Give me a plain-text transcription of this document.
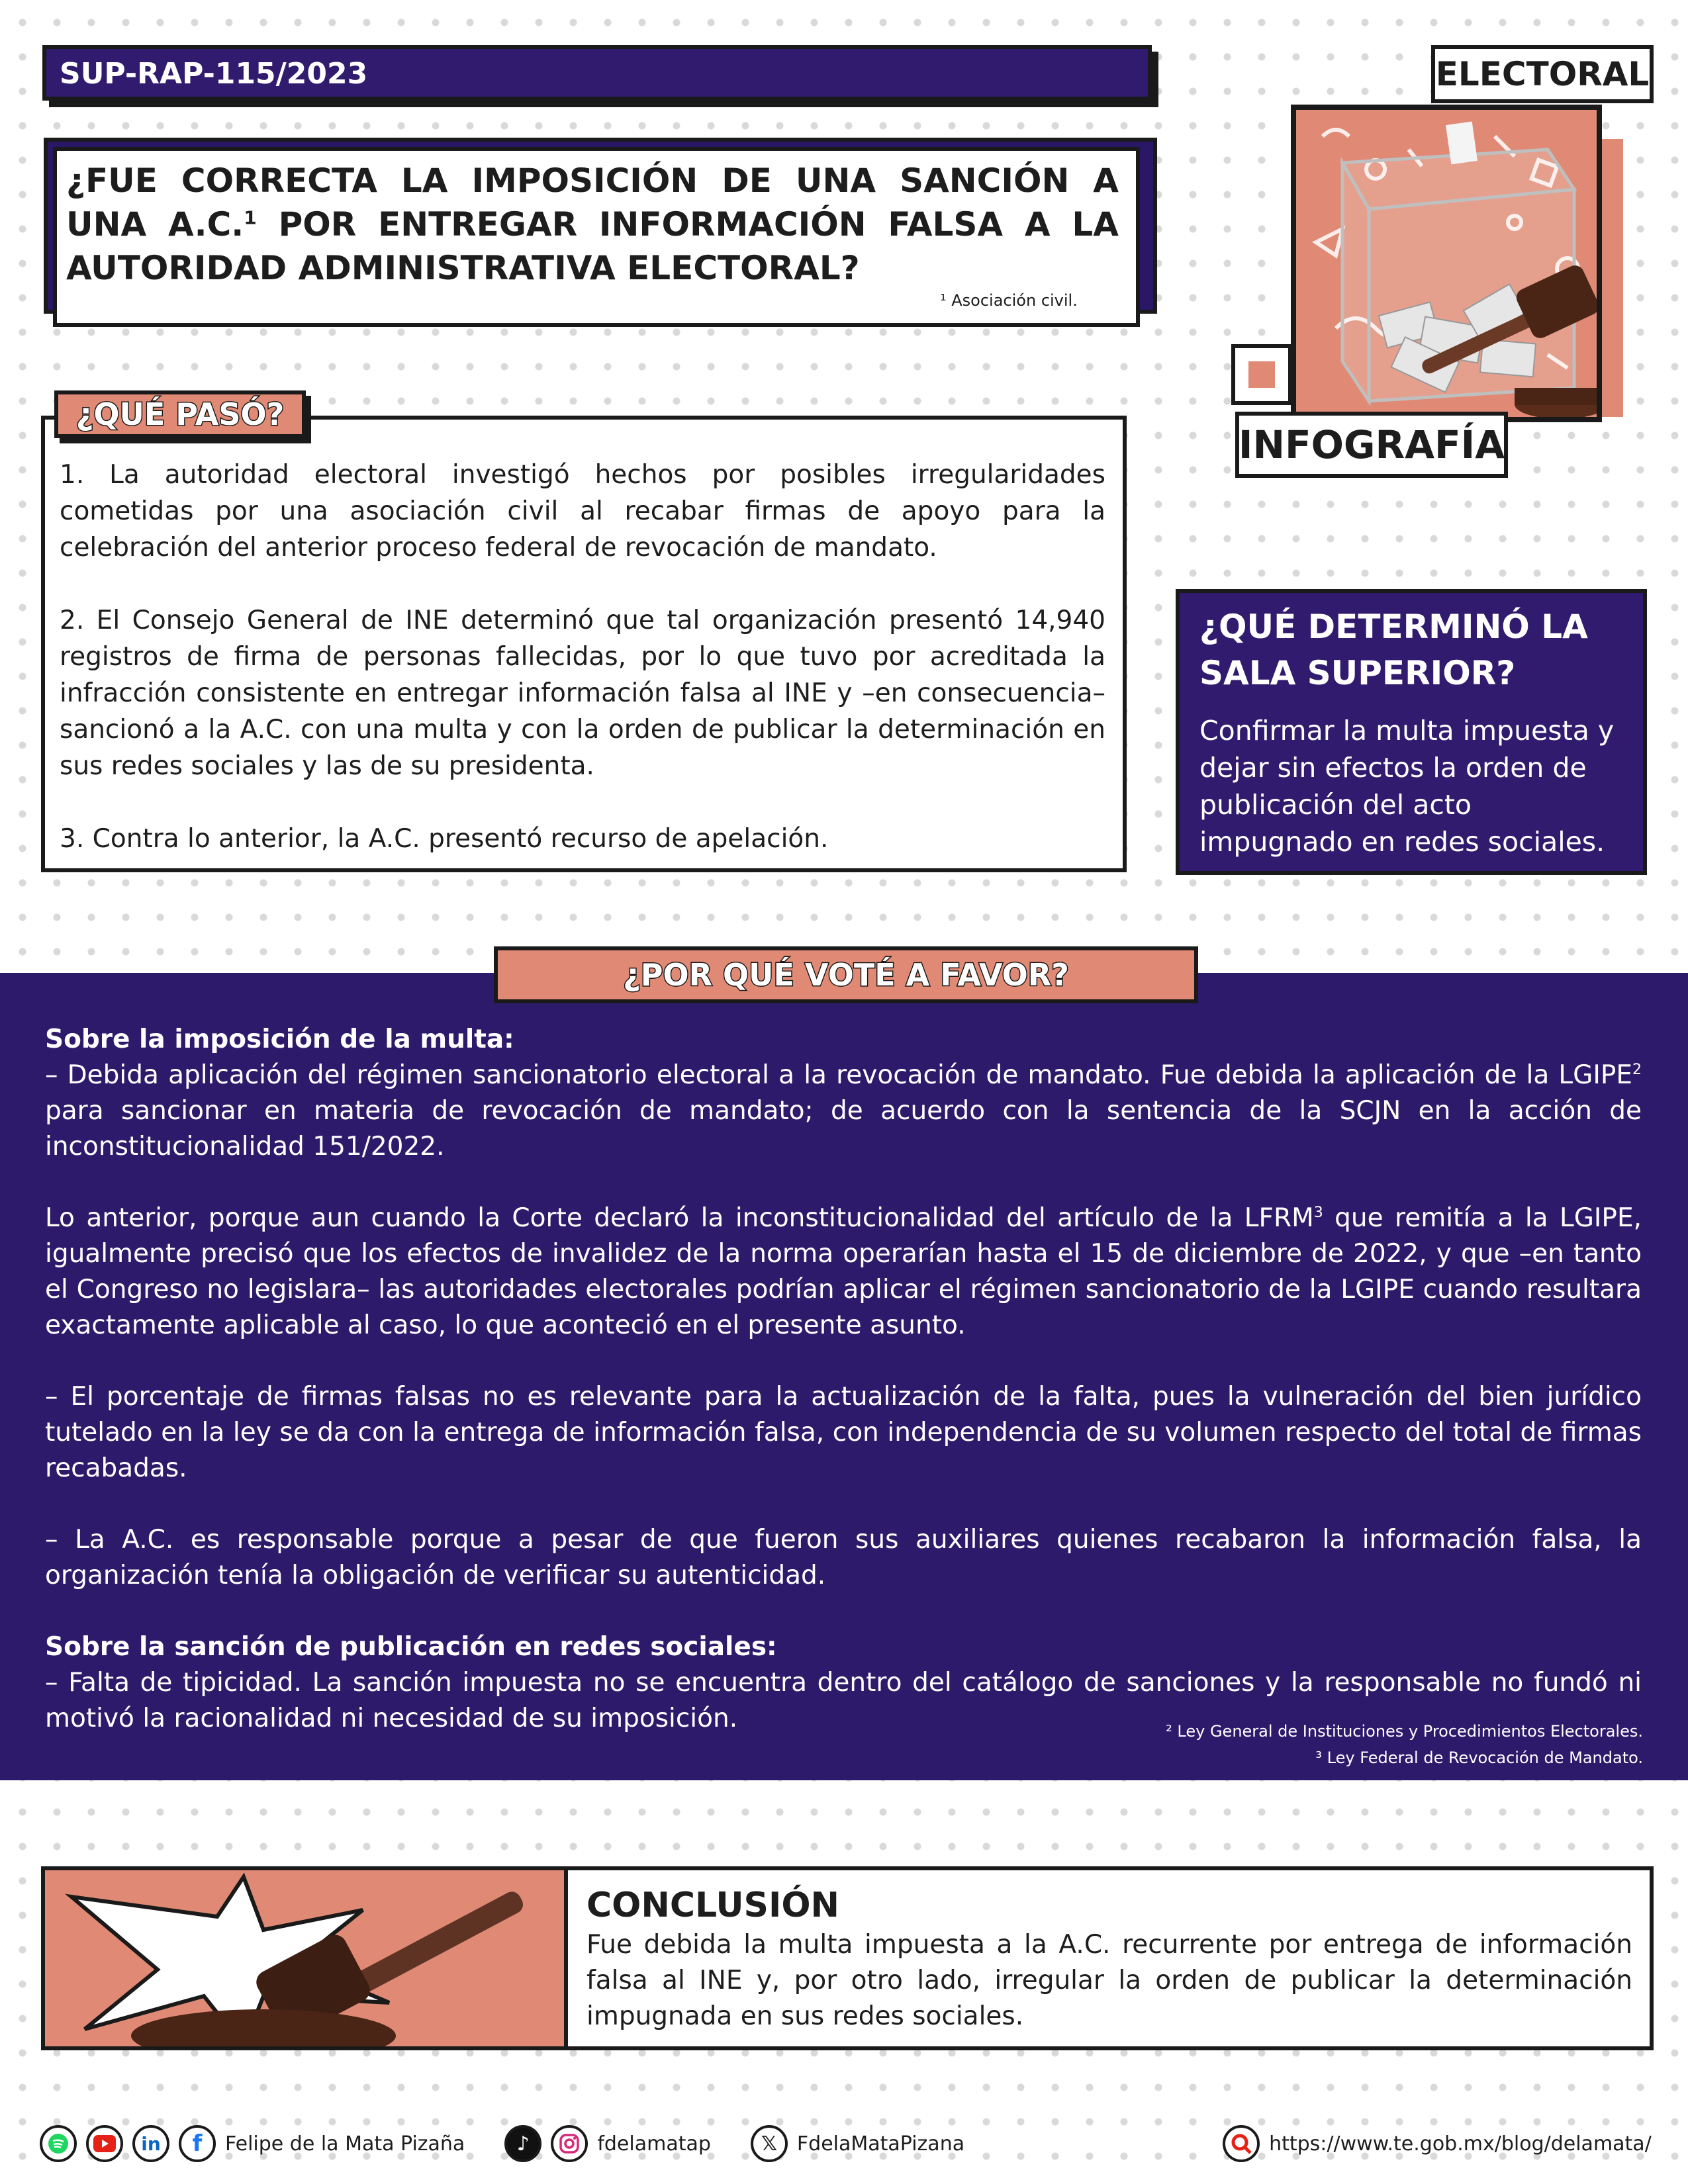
SUP-RAP-115/2023
¿FUE CORRECTA LA IMPOSICIÓN DE UNA SANCIÓN A UNA A.C.$^1$ POR ENTREGAR INFORMACIÓN FALSA A LA AUTORIDAD ADMINISTRATIVA ELECTORAL?
¹ Asociación civil.
ELECTORAL
INFOGRAFÍA
¿QUÉ PASÓ?

1. La autoridad electoral investigó hechos por posibles irregularidades cometidas por una asociación civil al recabar firmas de apoyo para la celebración del anterior proceso federal de revocación de mandato.

2. El Consejo General de INE determinó que tal organización presentó 14,940 registros de firma de personas fallecidas, por lo que tuvo por acreditada la infracción consistente en entregar información falsa al INE y –en consecuencia– sancionó a la A.C. con una multa y con la orden de publicar la determinación en sus redes sociales y las de su presidenta.

3. Contra lo anterior, la A.C. presentó recurso de apelación.

¿QUÉ DETERMINÓ LA SALA SUPERIOR?
Confirmar la multa impuesta y dejar sin efectos la orden de publicación del acto impugnado en redes sociales.
¿POR QUÉ VOTÉ A FAVOR?
Sobre la imposición de la multa:

– Debida aplicación del régimen sancionatorio electoral a la revocación de mandato. Fue debida la aplicación de la LGIPE$^2$ para sancionar en materia de revocación de mandato; de acuerdo con la sentencia de la SCJN en la acción de inconstitucionalidad 151/2022.

Lo anterior, porque aun cuando la Corte declaró la inconstitucionalidad del artículo de la LFRM$^3$ que remitía a la LGIPE, igualmente precisó que los efectos de invalidez de la norma operarían hasta el 15 de diciembre de 2022, y que –en tanto el Congreso no legislara– las autoridades electorales podrían aplicar el régimen sancionatorio de la LGIPE cuando resultara exactamente aplicable al caso, lo que aconteció en el presente asunto.

– El porcentaje de firmas falsas no es relevante para la actualización de la falta, pues la vulneración del bien jurídico tutelado en la ley se da con la entrega de información falsa, con independencia de su volumen respecto del total de firmas recabadas.

– La A.C. es responsable porque a pesar de que fueron sus auxiliares quienes recabaron la información falsa, la organización tenía la obligación de verificar su autenticidad.

Sobre la sanción de publicación en redes sociales:

– Falta de tipicidad. La sanción impuesta no se encuentra dentro del catálogo de sanciones y la responsable no fundó ni motivó la racionalidad ni necesidad de su imposición.	² Ley General de Instituciones y Procedimientos Electorales.
³ Ley Federal de Revocación de Mandato.
CONCLUSIÓN
Fue debida la multa impuesta a la A.C. recurrente por entrega de información falsa al INE y, por otro lado, irregular la orden de publicar la determinación impugnada en sus redes sociales.
in	f	Felipe de la Mata Pizaña	♪	fdelamatap	𝕏 FdelaMataPizana	https://www.te.gob.mx/blog/delamata/
